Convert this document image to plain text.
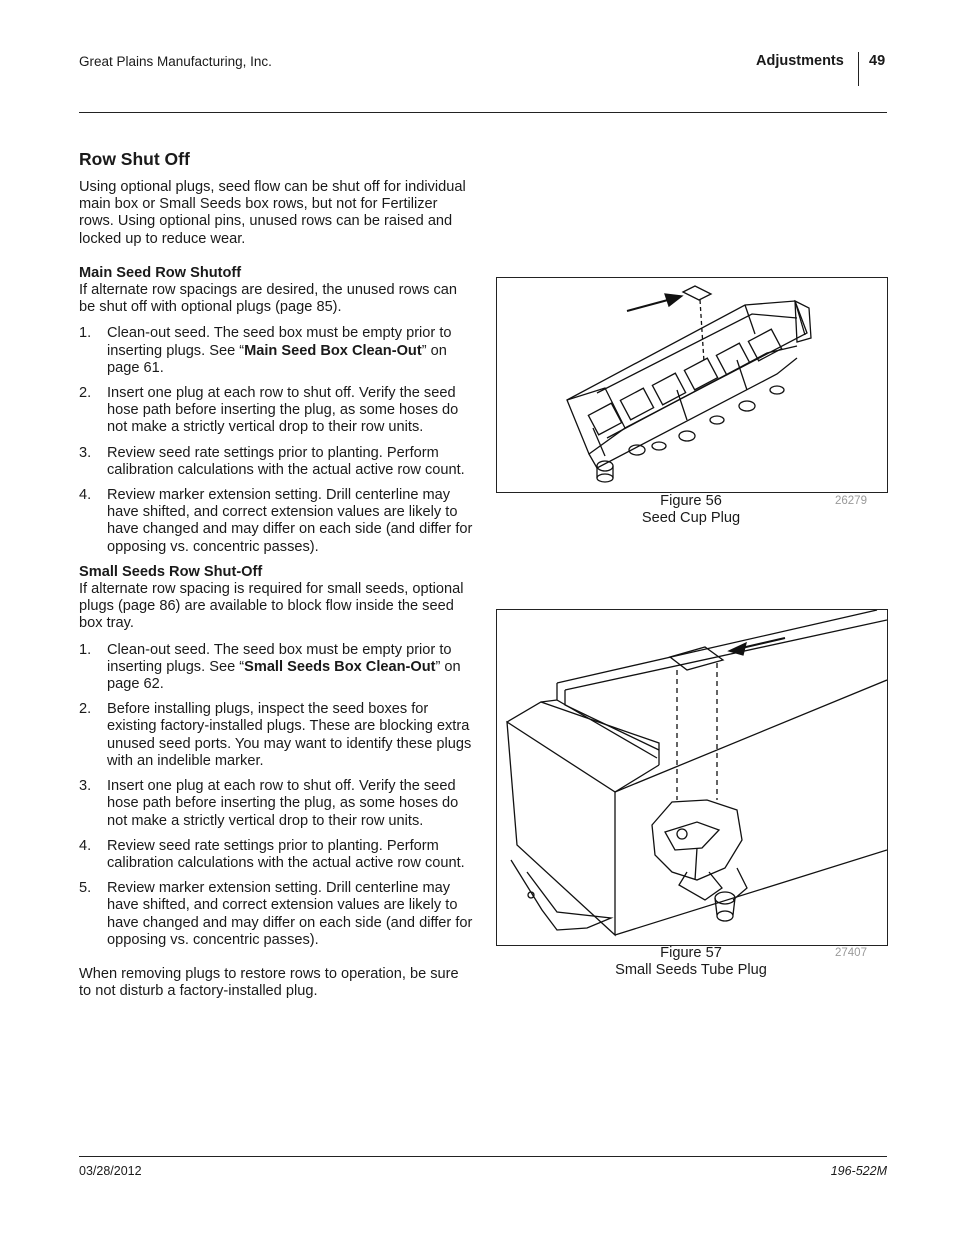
Great Plains Manufacturing, Inc.	Adjustments 49
Row Shut Off

Using optional plugs, seed flow can be shut off for individual main box or Small Seeds box rows, but not for Fertilizer rows. Using optional pins, unused rows can be raised and locked up to reduce wear.

Main Seed Row Shutoff

If alternate row spacings are desired, the unused rows can be shut off with optional plugs (page 85).

1. Clean-out seed. The seed box must be empty prior to inserting plugs. See “Main Seed Box Clean-Out” on page 61.
2. Insert one plug at each row to shut off. Verify the seed hose path before inserting the plug, as some hoses do not make a strictly vertical drop to their row units.
3. Review seed rate settings prior to planting. Perform calibration calculations with the actual active row count.
4. Review marker extension setting. Drill centerline may have shifted, and correct extension values are likely to have changed and may differ on each side (and differ for opposing vs. concentric passes).
Small Seeds Row Shut-Off

If alternate row spacing is required for small seeds, optional plugs (page 86) are available to block flow inside the seed box tray.

1. Clean-out seed. The seed box must be empty prior to inserting plugs. See “Small Seeds Box Clean-Out” on page 62.
2. Before installing plugs, inspect the seed boxes for existing factory-installed plugs. These are blocking extra unused seed ports. You may want to identify these plugs with an indelible marker.
3. Insert one plug at each row to shut off. Verify the seed hose path before inserting the plug, as some hoses do not make a strictly vertical drop to their row units.
4. Review seed rate settings prior to planting. Perform calibration calculations with the actual active row count.
5. Review marker extension setting. Drill centerline may have shifted, and correct extension values are likely to have changed and may differ on each side (and differ for opposing vs. concentric passes).

When removing plugs to restore rows to operation, be sure to not disturb a factory-installed plug.

Figure 56
Seed Cup Plug
26279
Figure 57
Small Seeds Tube Plug
27407
03/28/2012	196-522M
